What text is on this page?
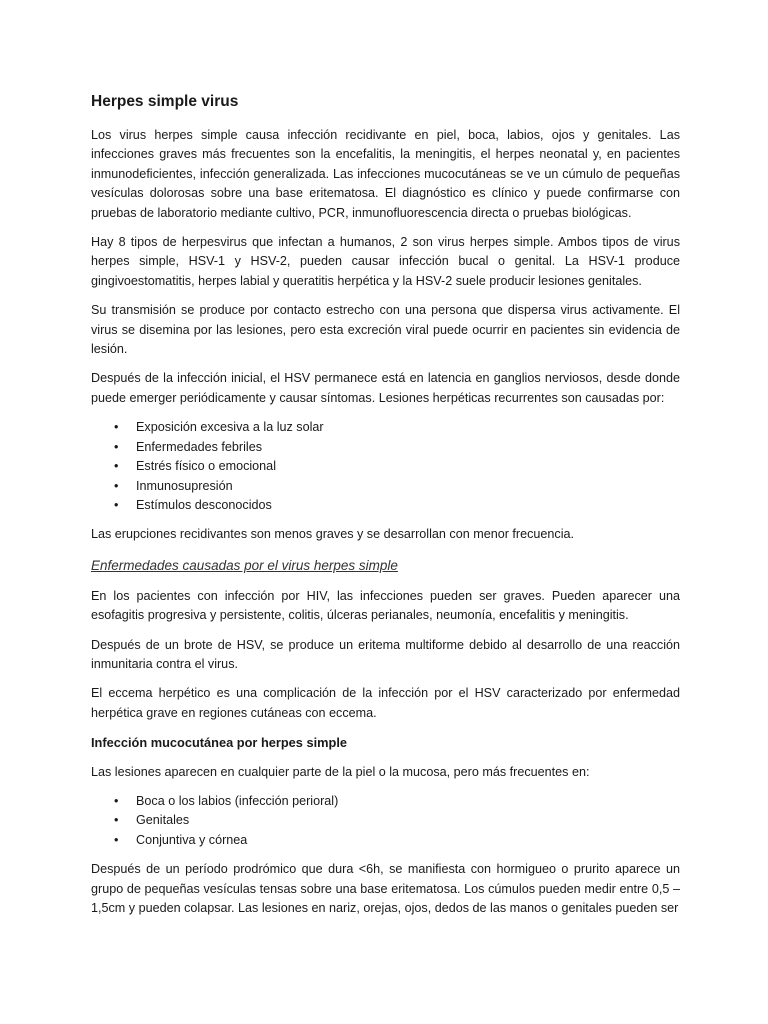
Herpes simple virus

Los virus herpes simple causa infección recidivante en piel, boca, labios, ojos y genitales. Las infecciones graves más frecuentes son la encefalitis, la meningitis, el herpes neonatal y, en pacientes inmunodeficientes, infección generalizada. Las infecciones mucocutáneas se ve un cúmulo de pequeñas vesículas dolorosas sobre una base eritematosa. El diagnóstico es clínico y puede confirmarse con pruebas de laboratorio mediante cultivo, PCR, inmunofluorescencia directa o pruebas biológicas.

Hay 8 tipos de herpesvirus que infectan a humanos, 2 son virus herpes simple. Ambos tipos de virus herpes simple, HSV-1 y HSV-2, pueden causar infección bucal o genital. La HSV-1 produce gingivoestomatitis, herpes labial y queratitis herpética y la HSV-2 suele producir lesiones genitales.

Su transmisión se produce por contacto estrecho con una persona que dispersa virus activamente. El virus se disemina por las lesiones, pero esta excreción viral puede ocurrir en pacientes sin evidencia de lesión.

Después de la infección inicial, el HSV permanece está en latencia en ganglios nerviosos, desde donde puede emerger periódicamente y causar síntomas. Lesiones herpéticas recurrentes son causadas por:

• Exposición excesiva a la luz solar
• Enfermedades febriles
• Estrés físico o emocional
• Inmunosupresión
• Estímulos desconocidos

Las erupciones recidivantes son menos graves y se desarrollan con menor frecuencia.

Enfermedades causadas por el virus herpes simple

En los pacientes con infección por HIV, las infecciones pueden ser graves. Pueden aparecer una esofagitis progresiva y persistente, colitis, úlceras perianales, neumonía, encefalitis y meningitis.

Después de un brote de HSV, se produce un eritema multiforme debido al desarrollo de una reacción inmunitaria contra el virus.

El eccema herpético es una complicación de la infección por el HSV caracterizado por enfermedad herpética grave en regiones cutáneas con eccema.

Infección mucocutánea por herpes simple

Las lesiones aparecen en cualquier parte de la piel o la mucosa, pero más frecuentes en:

• Boca o los labios (infección perioral)
• Genitales
• Conjuntiva y córnea

Después de un período prodrómico que dura <6h, se manifiesta con hormigueo o prurito aparece un grupo de pequeñas vesículas tensas sobre una base eritematosa. Los cúmulos pueden medir entre 0,5 – 1,5cm y pueden colapsar. Las lesiones en nariz, orejas, ojos, dedos de las manos o genitales pueden ser
